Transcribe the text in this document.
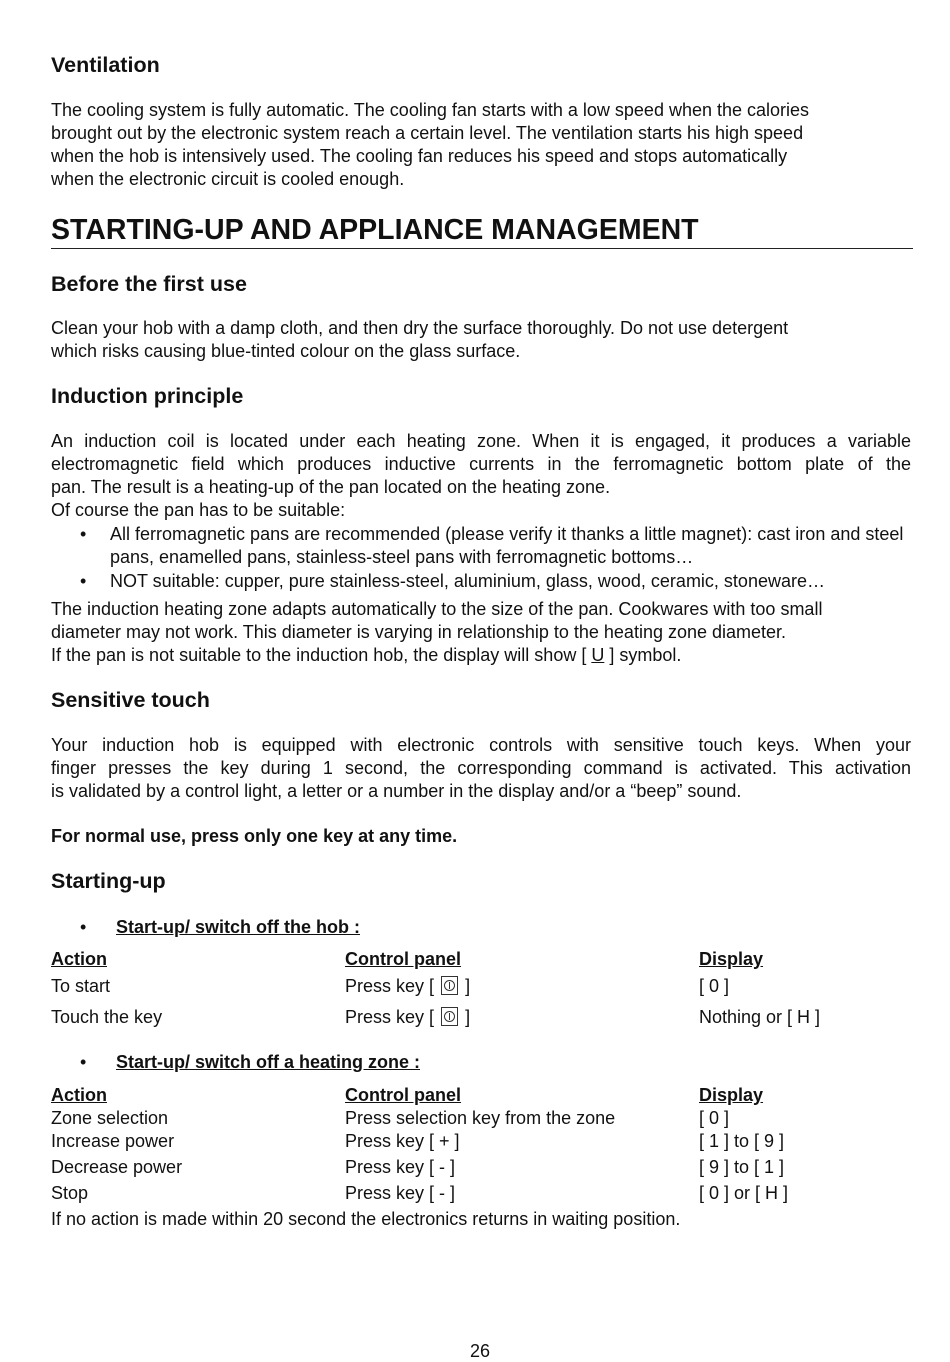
Ventilation
The cooling system is fully automatic. The cooling fan starts with a low speed when the calories
brought out by the electronic system reach a certain level. The ventilation starts his high speed
when the hob is intensively used. The cooling fan reduces his speed and stops automatically
when the electronic circuit is cooled enough.
STARTING-UP AND APPLIANCE MANAGEMENT
Before the first use
Clean your hob with a damp cloth, and then dry the surface thoroughly. Do not use detergent
which risks causing blue-tinted colour on the glass surface.
Induction principle
An induction coil is located under each heating zone. When it is engaged, it produces a variable
electromagnetic field which produces inductive currents in the ferromagnetic bottom plate of the
pan. The result is a heating-up of the pan located on the heating zone.
Of course the pan has to be suitable:
• All ferromagnetic pans are recommended (please verify it thanks a little magnet): cast iron and steel pans, enamelled pans, stainless-steel pans with ferromagnetic bottoms…
• NOT suitable: cupper, pure stainless-steel, aluminium, glass, wood, ceramic, stoneware…
The induction heating zone adapts automatically to the size of the pan. Cookwares with too small
diameter may not work. This diameter is varying in relationship to the heating zone diameter.
If the pan is not suitable to the induction hob, the display will show [ U ] symbol.
Sensitive touch
Your induction hob is equipped with electronic controls with sensitive touch keys. When your
finger presses the key during 1 second, the corresponding command is activated. This activation
is validated by a control light, a letter or a number in the display and/or a “beep” sound.
For normal use, press only one key at any time.
Starting-up
• Start-up/ switch off the hob :
Action	Control panel	Display
To start	Press key [ ]	[ 0 ]
Touch the key	Press key [ ]	Nothing or [ H ]
• Start-up/ switch off a heating zone :
Action	Control panel	Display
Zone selection	Press selection key from the zone	[ 0 ]
Increase power	Press key [ + ]	[ 1 ] to [ 9 ]
Decrease power	Press key [ - ]	[ 9 ] to [ 1 ]
Stop	Press key [ - ]	[ 0 ] or [ H ]
If no action is made within 20 second the electronics returns in waiting position.
26
